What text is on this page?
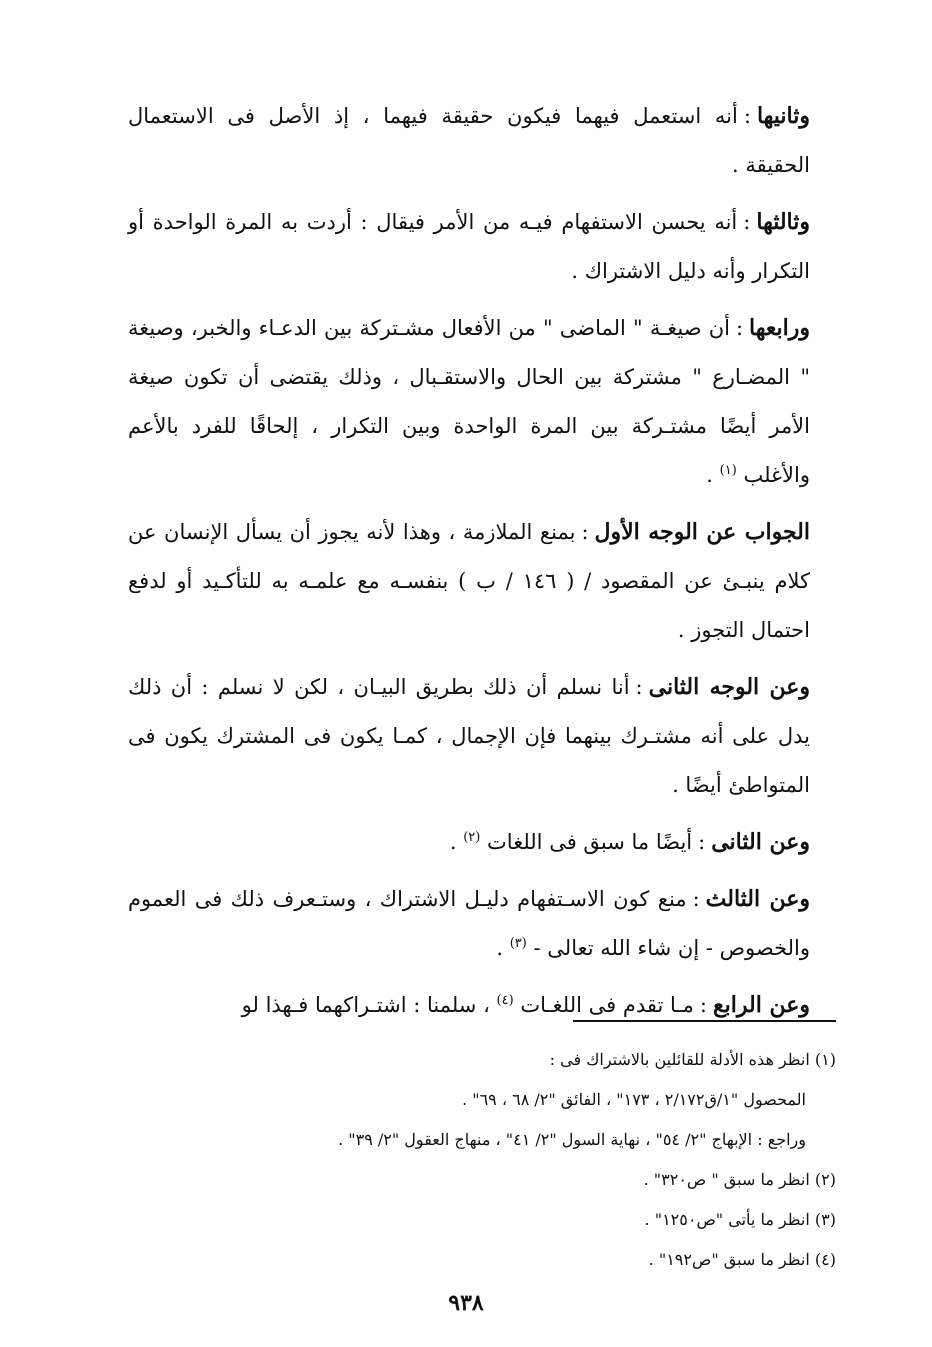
وثانيها:أنه استعمل فيهما فيكون حقيقة فيهما ، إذ الأصل فى الاستعمال الحقيقة .

وثالثها:أنه يحسن الاستفهام فيـه من الأمر فيقال : أردت به المرة الواحدة أو التكرار وأنه دليل الاشتراك .

ورابعها:أن صيغـة " الماضى " من الأفعال مشـتركة بين الدعـاء والخبر، وصيغة " المضـارع " مشتركة بين الحال والاستقـبال ، وذلك يقتضى أن تكون صيغة الأمر أيضًا مشتـركة بين المرة الواحدة وبين التكرار ، إلحاقًا للفرد بالأعم والأغلب $^{(١)}$ .

الجواب عن الوجه الأول:بمنع الملازمة ، وهذا لأنه يجوز أن يسأل الإنسان عن كلام ينبـئ عن المقصود / ( ١٤٦ / ب ) بنفسـه مع علمـه به للتأكـيد أو لدفع احتمال التجوز .

وعن الوجه الثانى:أنا نسلم أن ذلك بطريق البيـان ، لكن لا نسلم : أن ذلك يدل على أنه مشتـرك بينهما فإن الإجمال ، كمـا يكون فى المشترك يكون فى المتواطئ أيضًا .

وعن الثانى:أيضًا ما سبق فى اللغات $^{(٢)}$ .

وعن الثالث:منع كون الاسـتفهام دليـل الاشتراك ، وستـعرف ذلك فى العموم والخصوص - إن شاء الله تعالى - $^{(٣)}$ .

وعن الرابع:مـا تقدم فى اللغـات $^{(٤)}$ ، سلمنا : اشتـراكهما فـهذا لو

(١) انظر هذه الأدلة للقائلين بالاشتراك فى :
المحصول "١/ق٢/١٧٢ ، ١٧٣" ، الفائق "٢/ ٦٨ ، ٦٩" .
وراجع : الإبهاج "٢/ ٥٤" ، نهاية السول "٢/ ٤١" ، منهاج العقول "٢/ ٣٩" .
(٢) انظر ما سبق " ص٣٢٠" .
(٣) انظر ما يأتى "ص١٢٥٠" .
(٤) انظر ما سبق "ص١٩٢" .
٩٣٨
